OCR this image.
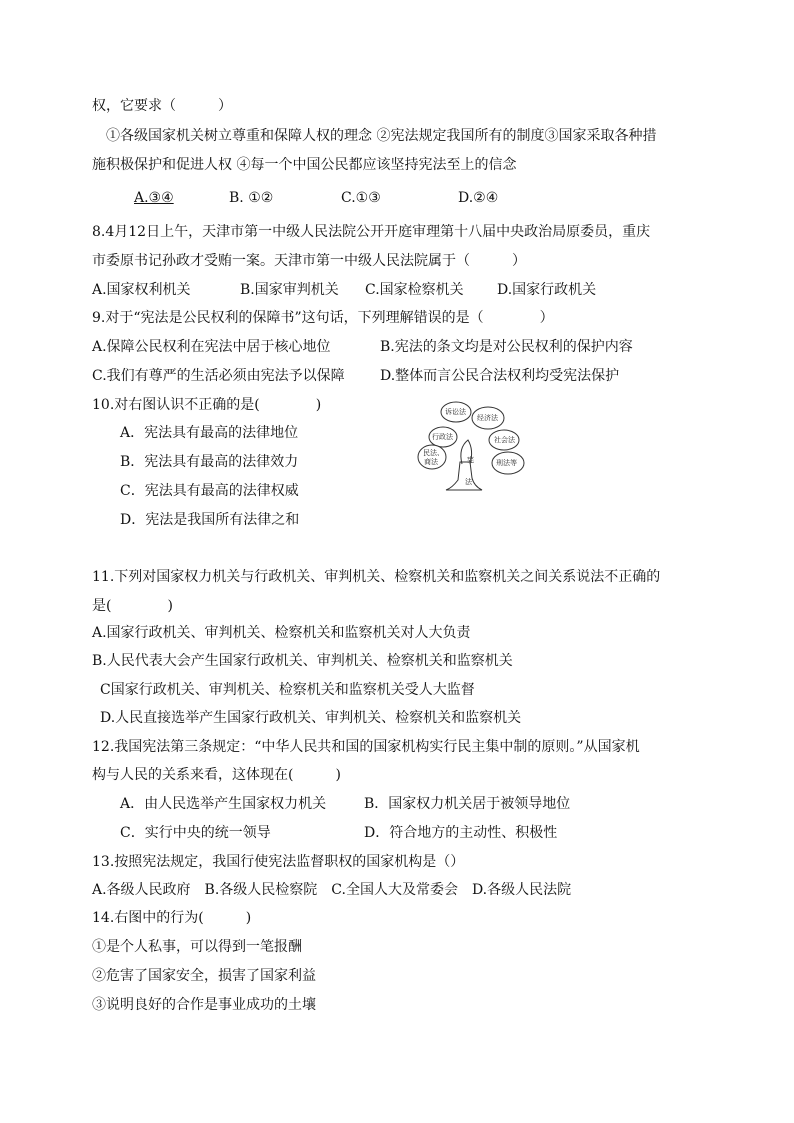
权，它要求（　　　）
①各级国家机关树立尊重和保障人权的理念 ②宪法规定我国所有的制度③国家采取各种措
施积极保护和促进人权 ④每一个中国公民都应该坚持宪法至上的信念
A.③④	B. ①②	C.①③	D.②④
8.4月12日上午，天津市第一中级人民法院公开开庭审理第十八届中央政治局原委员，重庆
市委原书记孙政才受贿一案。天津市第一中级人民法院属于（　　　）
A.国家权利机关	B.国家审判机关 C.国家检察机关 D.国家行政机关
9.对于“宪法是公民权利的保障书”这句话，下列理解错误的是（　　　　）
A.保障公民权利在宪法中居于核心地位	B.宪法的条文均是对公民权利的保护内容
C.我们有尊严的生活必须由宪法予以保障	D.整体而言公民合法权利均受宪法保护
10.对右图认识不正确的是(　　　　)
A．宪法具有最高的法律地位
B．宪法具有最高的法律效力
C．宪法具有最高的法律权威
D．宪法是我国所有法律之和
诉讼法
经济法
行政法	社会法
民法、
商法	刑法等
宪
法
11.下列对国家权力机关与行政机关、审判机关、检察机关和监察机关之间关系说法不正确的
是(　　　　)
A.国家行政机关、审判机关、检察机关和监察机关对人大负责
B.人民代表大会产生国家行政机关、审判机关、检察机关和监察机关
C国家行政机关、审判机关、检察机关和监察机关受人大监督
D.人民直接选举产生国家行政机关、审判机关、检察机关和监察机关
12.我国宪法第三条规定：“中华人民共和国的国家机构实行民主集中制的原则。”从国家机
构与人民的关系来看，这体现在(　　　)
A．由人民选举产生国家权力机关	B．国家权力机关居于被领导地位
C．实行中央的统一领导	D．符合地方的主动性、积极性
13.按照宪法规定，我国行使宪法监督职权的国家机构是（）
A.各级人民政府　B.各级人民检察院　C.全国人大及常委会　D.各级人民法院
14.右图中的行为(　　　)
①是个人私事，可以得到一笔报酬
②危害了国家安全，损害了国家利益
③说明良好的合作是事业成功的土壤
